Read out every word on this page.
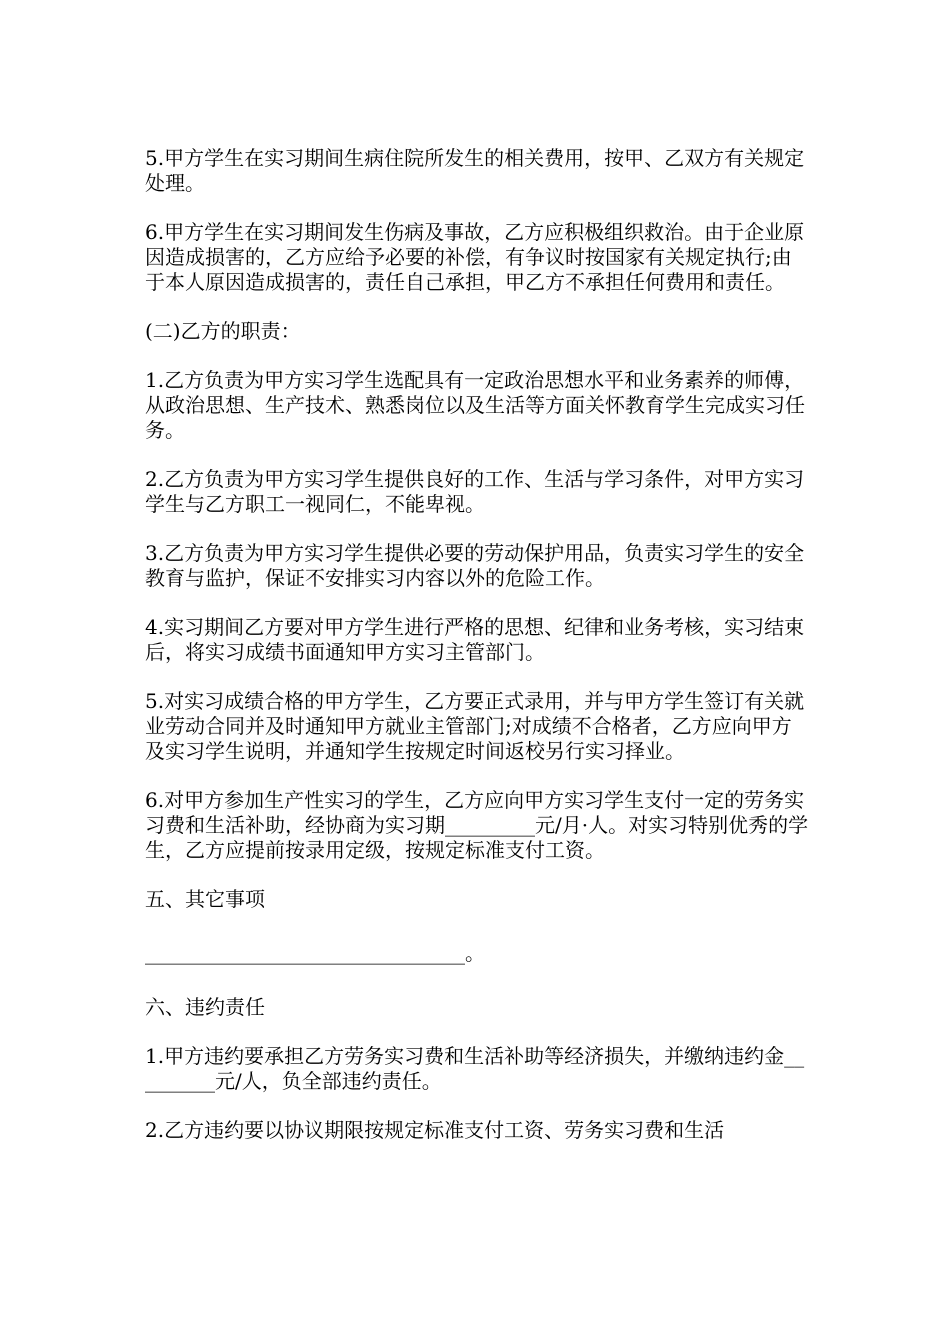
5.甲方学生在实习期间生病住院所发生的相关费用，按甲、乙双方有关规定处理。

6.甲方学生在实习期间发生伤病及事故，乙方应积极组织救治。由于企业原因造成损害的，乙方应给予必要的补偿，有争议时按国家有关规定执行;由于本人原因造成损害的，责任自己承担，甲乙方不承担任何费用和责任。

(二)乙方的职责：

1.乙方负责为甲方实习学生选配具有一定政治思想水平和业务素养的师傅，从政治思想、生产技术、熟悉岗位以及生活等方面关怀教育学生完成实习任务。

2.乙方负责为甲方实习学生提供良好的工作、生活与学习条件，对甲方实习学生与乙方职工一视同仁，不能卑视。

3.乙方负责为甲方实习学生提供必要的劳动保护用品，负责实习学生的安全教育与监护，保证不安排实习内容以外的危险工作。

4.实习期间乙方要对甲方学生进行严格的思想、纪律和业务考核，实习结束后，将实习成绩书面通知甲方实习主管部门。

5.对实习成绩合格的甲方学生，乙方要正式录用，并与甲方学生签订有关就业劳动合同并及时通知甲方就业主管部门;对成绩不合格者，乙方应向甲方及实习学生说明，并通知学生按规定时间返校另行实习择业。

6.对甲方参加生产性实习的学生，乙方应向甲方实习学生支付一定的劳务实习费和生活补助，经协商为实习期_________元/月·人。对实习特别优秀的学生，乙方应提前按录用定级，按规定标准支付工资。

五、其它事项

________________________________。

六、违约责任

1.甲方违约要承担乙方劳务实习费和生活补助等经济损失，并缴纳违约金_________元/人，负全部违约责任。

2.乙方违约要以协议期限按规定标准支付工资、劳务实习费和生活
